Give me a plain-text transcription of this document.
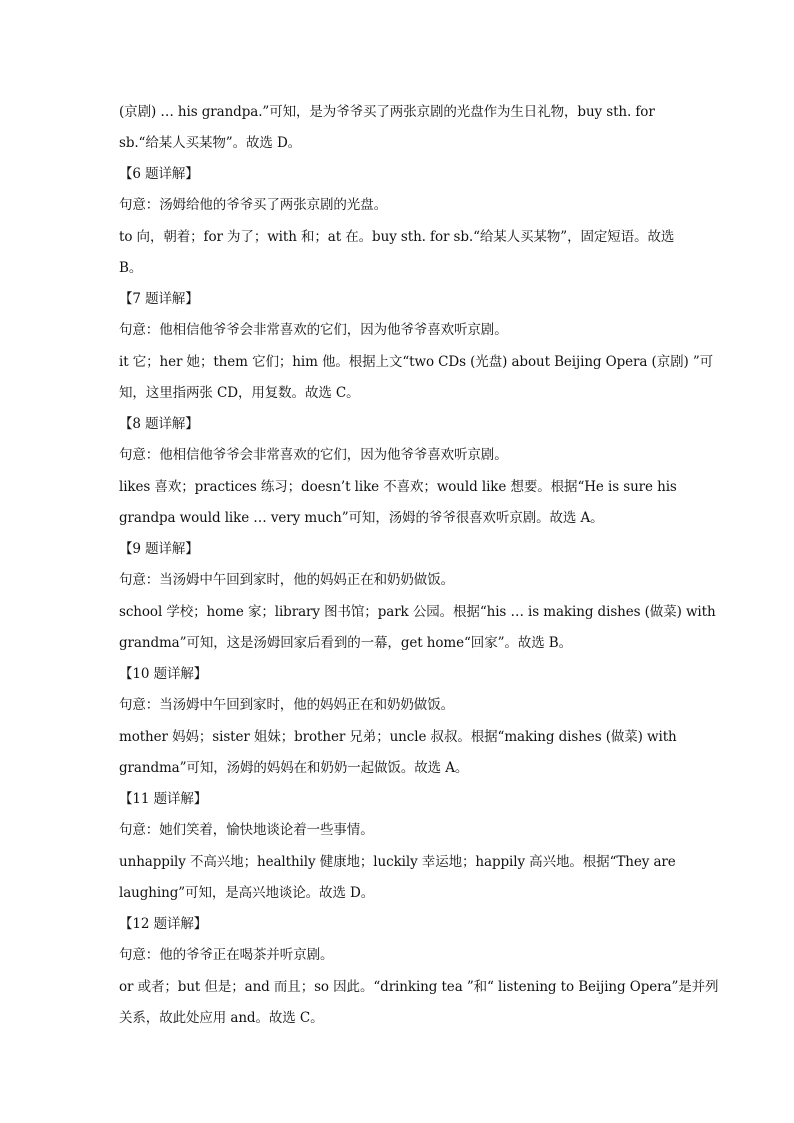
(京剧) … his grandpa.”可知，是为爷爷买了两张京剧的光盘作为生日礼物，buy sth. for
sb.“给某人买某物”。故选 D。
【6 题详解】
句意：汤姆给他的爷爷买了两张京剧的光盘。
to 向，朝着；for 为了；with 和；at 在。buy sth. for sb.“给某人买某物”，固定短语。故选
B。
【7 题详解】
句意：他相信他爷爷会非常喜欢的它们，因为他爷爷喜欢听京剧。
it 它；her 她；them 它们；him 他。根据上文“two CDs (光盘) about Beijing Opera (京剧) ”可
知，这里指两张 CD，用复数。故选 C。
【8 题详解】
句意：他相信他爷爷会非常喜欢的它们，因为他爷爷喜欢听京剧。
likes 喜欢；practices 练习；doesn’t like 不喜欢；would like 想要。根据“He is sure his
grandpa would like … very much”可知，汤姆的爷爷很喜欢听京剧。故选 A。
【9 题详解】
句意：当汤姆中午回到家时，他的妈妈正在和奶奶做饭。
school 学校；home 家；library 图书馆；park 公园。根据“his … is making dishes (做菜) with
grandma”可知，这是汤姆回家后看到的一幕，get home“回家”。故选 B。
【10 题详解】
句意：当汤姆中午回到家时，他的妈妈正在和奶奶做饭。
mother 妈妈；sister 姐妹；brother 兄弟；uncle 叔叔。根据“making dishes (做菜) with
grandma”可知，汤姆的妈妈在和奶奶一起做饭。故选 A。
【11 题详解】
句意：她们笑着，愉快地谈论着一些事情。
unhappily 不高兴地；healthily 健康地；luckily 幸运地；happily 高兴地。根据“They are
laughing”可知，是高兴地谈论。故选 D。
【12 题详解】
句意：他的爷爷正在喝茶并听京剧。
or 或者；but 但是；and 而且；so 因此。“drinking tea ”和“ listening to Beijing Opera”是并列
关系，故此处应用 and。故选 C。
